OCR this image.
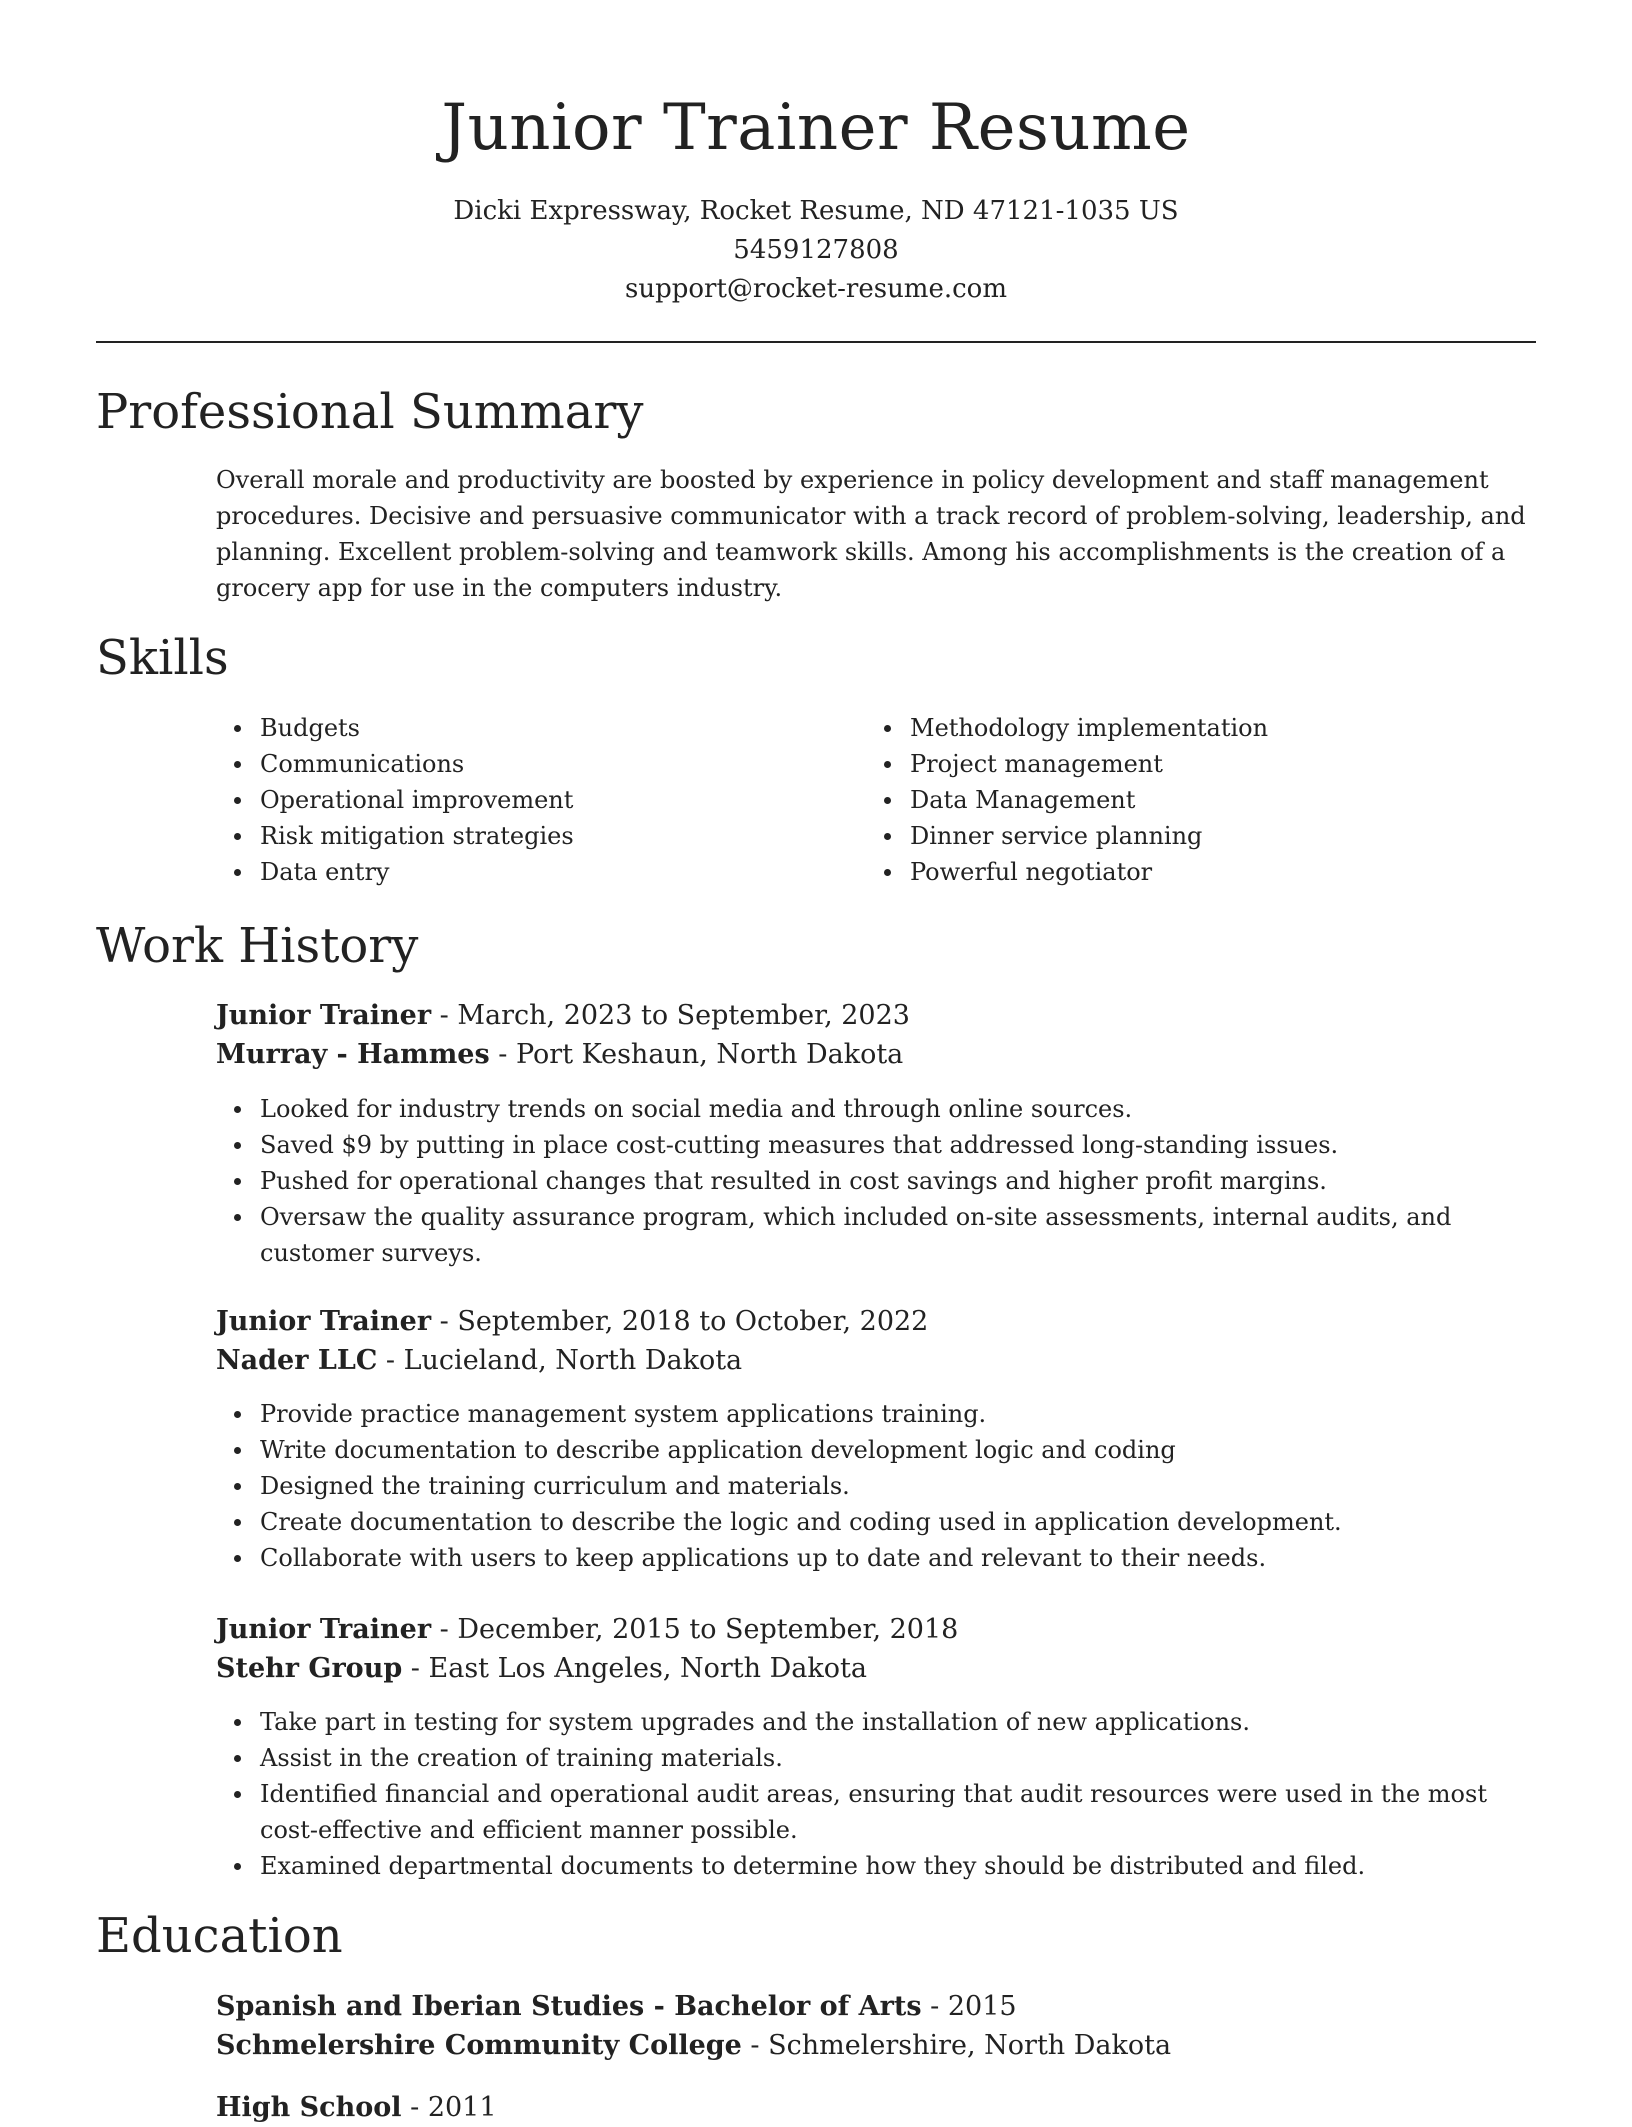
Junior Trainer Resume
Dicki Expressway, Rocket Resume, ND 47121-1035 US
5459127808
support@rocket-resume.com
Professional Summary

Overall morale and productivity are boosted by experience in policy development and staff management procedures. Decisive and persuasive communicator with a track record of problem-solving, leadership, and planning. Excellent problem-solving and teamwork skills. Among his accomplishments is the creation of a grocery app for use in the computers industry.

Skills
Budgets
Communications
Operational improvement
Risk mitigation strategies
Data entry
Methodology implementation
Project management
Data Management
Dinner service planning
Powerful negotiator
Work History
Junior Trainer - March, 2023 to September, 2023
Murray - Hammes - Port Keshaun, North Dakota
Looked for industry trends on social media and through online sources.
Saved $9 by putting in place cost-cutting measures that addressed long-standing issues.
Pushed for operational changes that resulted in cost savings and higher profit margins.
Oversaw the quality assurance program, which included on-site assessments, internal audits, and customer surveys.
Junior Trainer - September, 2018 to October, 2022
Nader LLC - Lucieland, North Dakota
Provide practice management system applications training.
Write documentation to describe application development logic and coding
Designed the training curriculum and materials.
Create documentation to describe the logic and coding used in application development.
Collaborate with users to keep applications up to date and relevant to their needs.
Junior Trainer - December, 2015 to September, 2018
Stehr Group - East Los Angeles, North Dakota
Take part in testing for system upgrades and the installation of new applications.
Assist in the creation of training materials.
Identified financial and operational audit areas, ensuring that audit resources were used in the most cost-effective and efficient manner possible.
Examined departmental documents to determine how they should be distributed and filed.
Education
Spanish and Iberian Studies - Bachelor of Arts - 2015
Schmelershire Community College - Schmelershire, North Dakota
High School - 2011
